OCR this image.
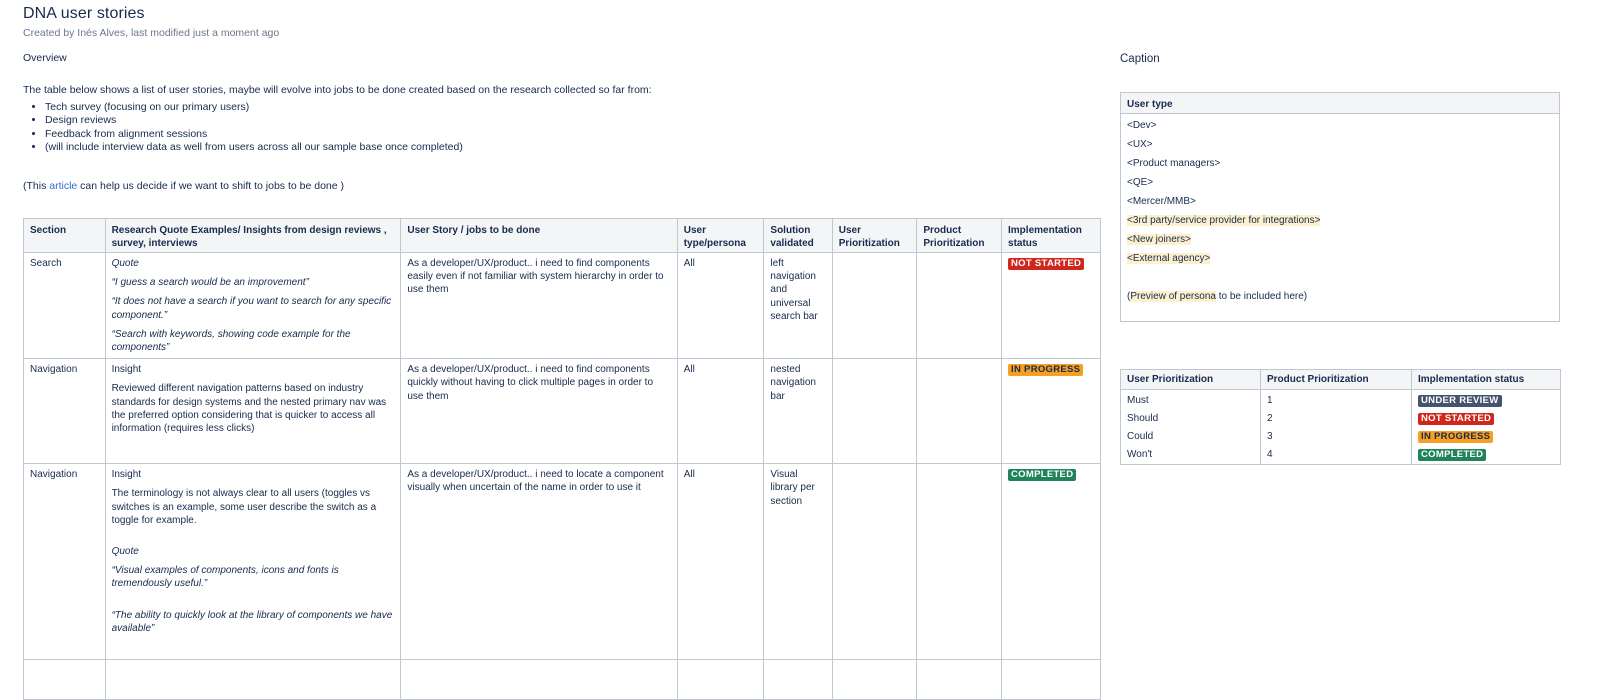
DNA user stories
Created by Inés Alves, last modified just a moment ago
Overview
The table below shows a list of user stories, maybe will evolve into jobs to be done created based on the research collected so far from:
• Tech survey (focusing on our primary users)
• Design reviews
• Feedback from alignment sessions
• (will include interview data as well from users across all our sample base once completed)
(This article can help us decide if we want to shift to jobs to be done )
Caption
Section	Research Quote Examples/ Insights from design reviews , survey, interviews	User Story / jobs to be done	User type/persona	Solution validated	User Prioritization	Product Prioritization	Implementation status
Search	Quote

“I guess a search would be an improvement”

“It does not have a search if you want to search for any specific component.”

“Search with keywords, showing code example for the components”	As a developer/UX/product.. i need to find components easily even if not familiar with system hierarchy in order to use them	All	left navigation and universal search bar			NOT STARTED
Navigation	Insight

Reviewed different navigation patterns based on industry standards for design systems and the nested primary nav was the preferred option considering that is quicker to access all information (requires less clicks)	As a developer/UX/product.. i need to find components quickly without having to click multiple pages in order to use them	All	nested navigation bar			IN PROGRESS
Navigation	Insight

The terminology is not always clear to all users (toggles vs switches is an example, some user describe the switch as a toggle for example.

Quote

“Visual examples of components, icons and fonts is tremendously useful.”

“The ability to quickly look at the library of components we have available”	As a developer/UX/product.. i need to locate a component visually when uncertain of the name in order to use it	All	Visual library per section			COMPLETED

User type

<Dev>
<UX>
<Product managers>
<QE>
<Mercer/MMB>
<3rd party/service provider for integrations>
<New joiners>
<External agency>

(Preview of persona to be included here)
User Prioritization	Product Prioritization	Implementation status
Must	1	UNDER REVIEW
Should	2	NOT STARTED
Could	3	IN PROGRESS
Won't	4	COMPLETED
